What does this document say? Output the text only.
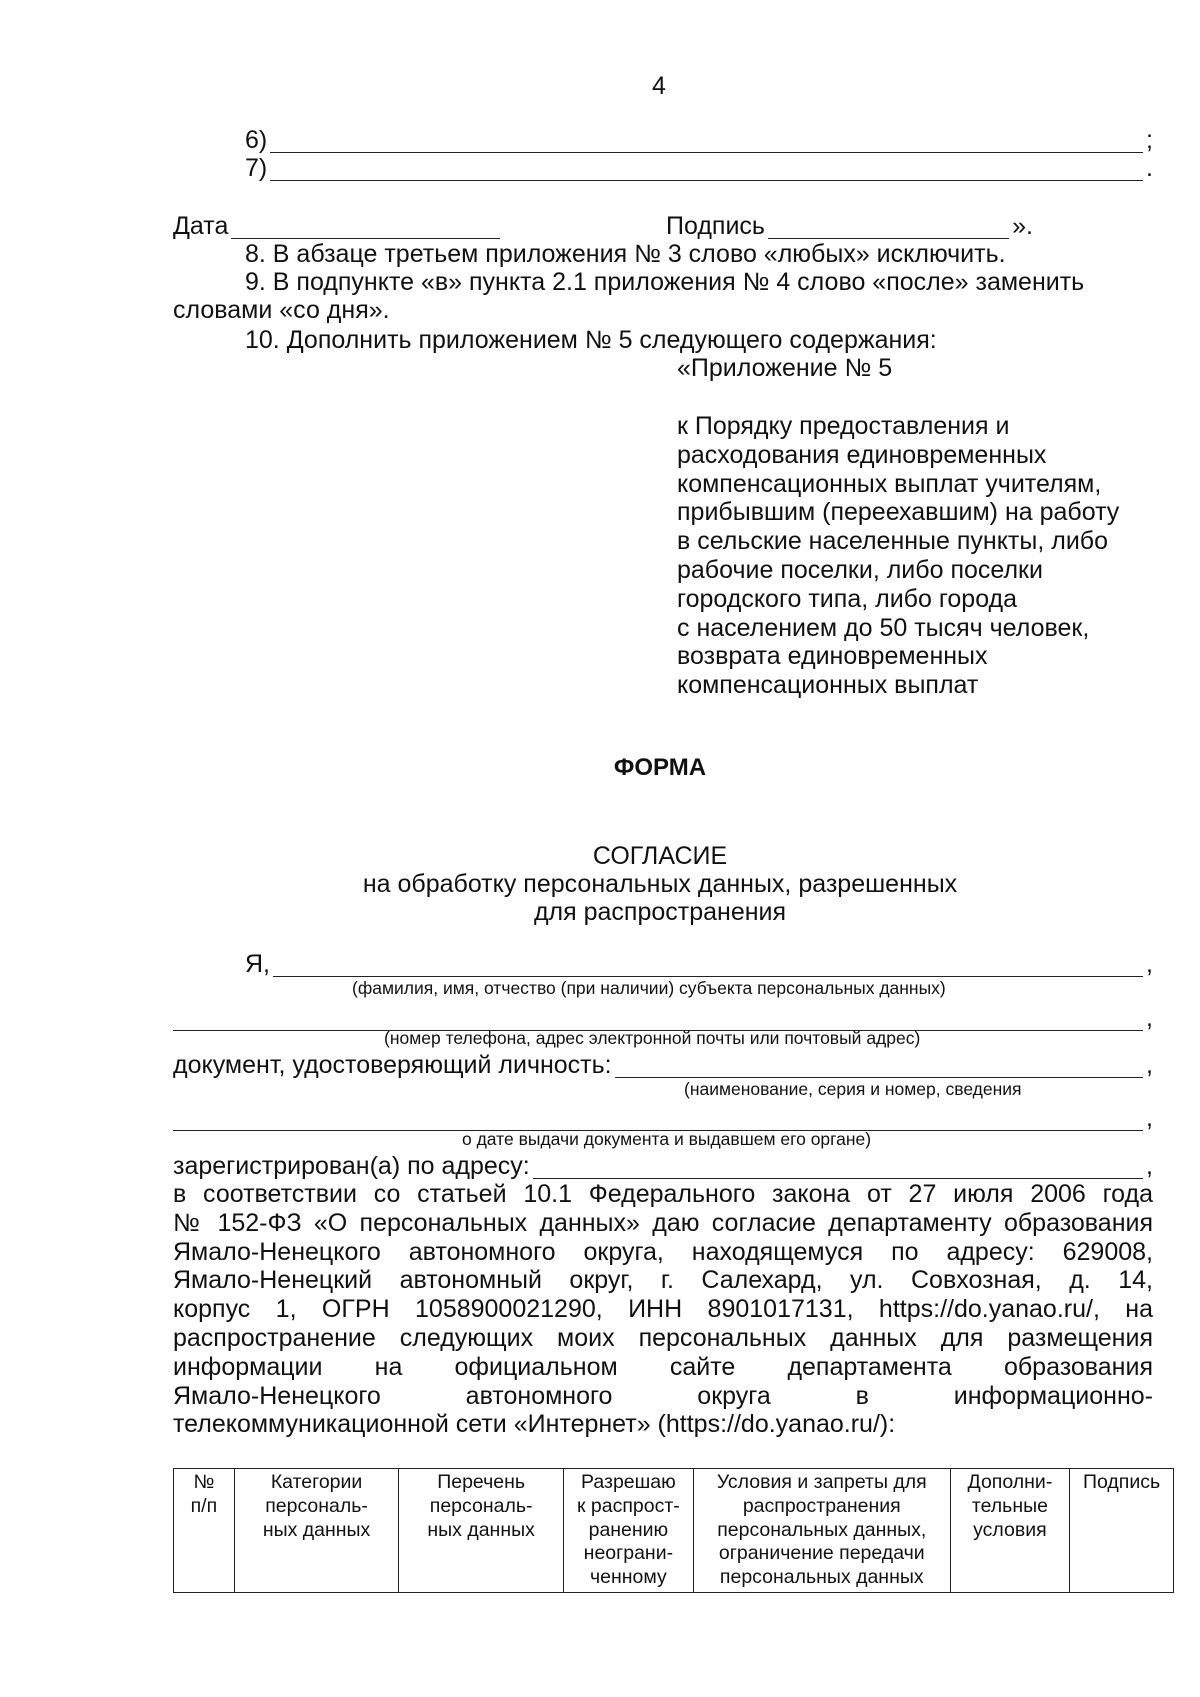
4
6)	;
7)	.
Дата	Подпись	».
8. В абзаце третьем приложения № 3 слово «любых» исключить.
9. В подпункте «в» пункта 2.1 приложения № 4 слово «после» заменить
словами «со дня».
10. Дополнить приложением № 5 следующего содержания:
«Приложение № 5
к Порядку предоставления и
расходования единовременных
компенсационных выплат учителям,
прибывшим (переехавшим) на работу
в сельские населенные пункты, либо
рабочие поселки, либо поселки
городского типа, либо города
с населением до 50 тысяч человек,
возврата единовременных
компенсационных выплат
ФОРМА
СОГЛАСИЕ
на обработку персональных данных, разрешенных
для распространения
Я,	,
(фамилия, имя, отчество (при наличии) субъекта персональных данных)
,
(номер телефона, адрес электронной почты или почтовый адрес)
документ, удостоверяющий личность:	,
(наименование, серия и номер, сведения
,
о дате выдачи документа и выдавшем его органе)
зарегистрирован(а) по адресу:	,
в соответствии со статьей 10.1 Федерального закона от 27 июля 2006 года
№ 152-ФЗ «О персональных данных» даю согласие департаменту образования
Ямало-Ненецкого автономного округа, находящемуся по адресу: 629008,
Ямало-Ненецкий автономный округ, г. Салехард, ул. Совхозная, д. 14,
корпус 1, ОГРН 1058900021290, ИНН 8901017131, https://do.yanao.ru/, на
распространение следующих моих персональных данных для размещения
информации на официальном сайте департамента образования
Ямало-Ненецкого автономного округа в информационно-
телекоммуникационной сети «Интернет» (https://do.yanao.ru/):
№
п/п	Категории
персональ-
ных данных	Перечень
персональ-
ных данных	Разрешаю
к распрост-
ранению
неограни-
ченному	Условия и запреты для
распространения
персональных данных,
ограничение передачи
персональных данных	Дополни-
тельные
условия	Подпись
